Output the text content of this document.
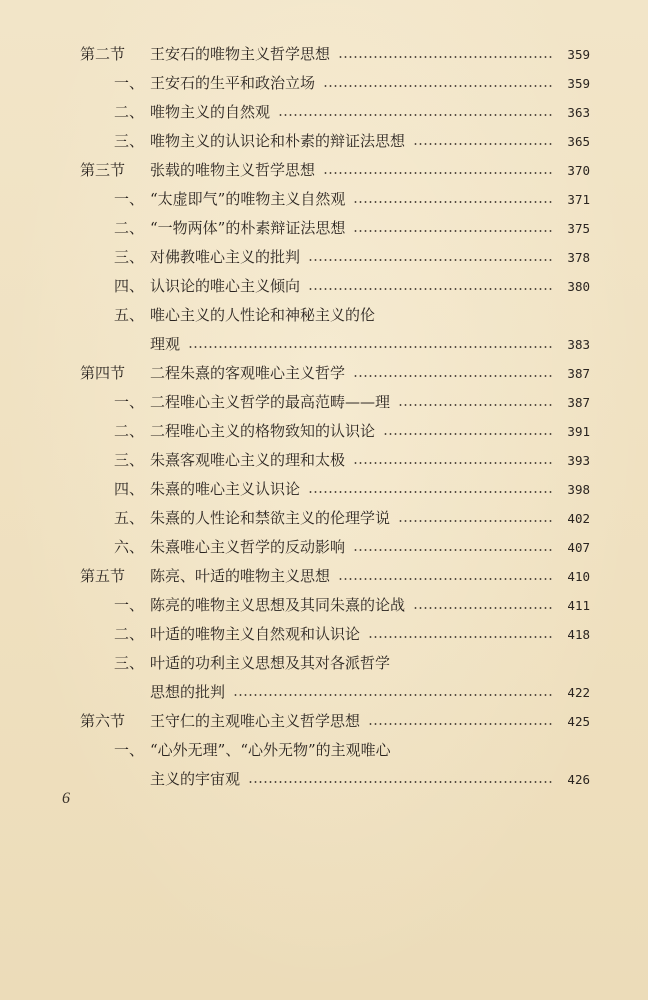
第二节 王安石的唯物主义哲学思想	359
一、 王安石的生平和政治立场	359
二、 唯物主义的自然观	363
三、 唯物主义的认识论和朴素的辩证法思想	365
第三节 张载的唯物主义哲学思想	370
一、 “太虚即气”的唯物主义自然观	371
二、 “一物两体”的朴素辩证法思想	375
三、 对佛教唯心主义的批判	378
四、 认识论的唯心主义倾向	380
五、 唯心主义的人性论和神秘主义的伦
理观	383
第四节 二程朱熹的客观唯心主义哲学	387
一、 二程唯心主义哲学的最高范畴——理	387
二、 二程唯心主义的格物致知的认识论	391
三、 朱熹客观唯心主义的理和太极	393
四、 朱熹的唯心主义认识论	398
五、 朱熹的人性论和禁欲主义的伦理学说	402
六、 朱熹唯心主义哲学的反动影响	407
第五节 陈亮、叶适的唯物主义思想	410
一、 陈亮的唯物主义思想及其同朱熹的论战	411
二、 叶适的唯物主义自然观和认识论	418
三、 叶适的功利主义思想及其对各派哲学
思想的批判	422
第六节 王守仁的主观唯心主义哲学思想	425
一、 “心外无理”、“心外无物”的主观唯心
主义的宇宙观	426
6
